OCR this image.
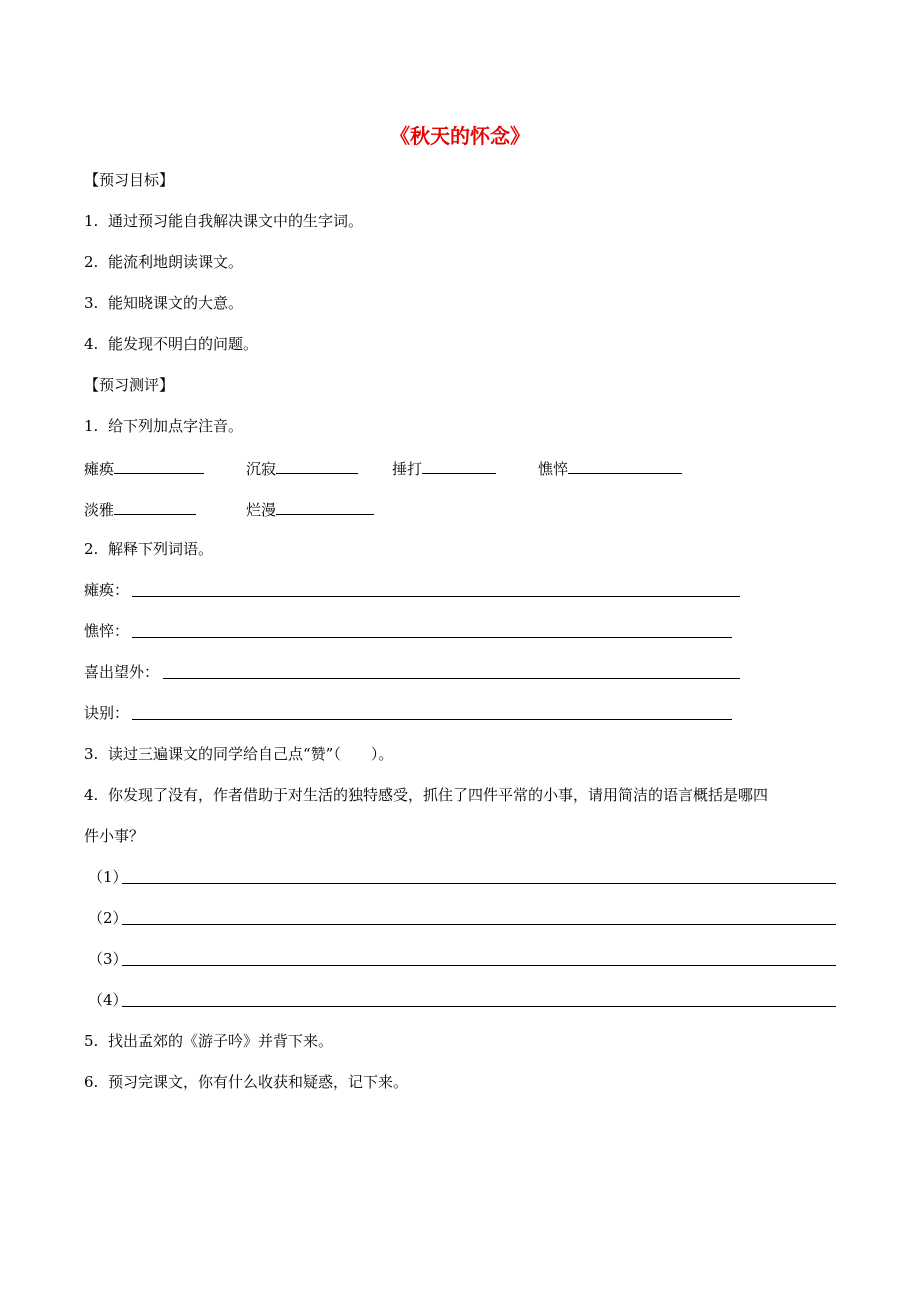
《秋天的怀念》
【预习目标】
1. 通过预习能自我解决课文中的生字词。
2. 能流利地朗读课文。
3. 能知晓课文的大意。
4. 能发现不明白的问题。
【预习测评】
1. 给下列加点字注音。
瘫痪	沉寂	捶打	憔悴
淡雅	烂漫
2. 解释下列词语。
瘫痪：
憔悴：
喜出望外：
诀别：
3. 读过三遍课文的同学给自己点“赞”（　　）。
4. 你发现了没有，作者借助于对生活的独特感受，抓住了四件平常的小事，请用简洁的语言概括是哪四
件小事？
（1）
（2）
（3）
（4）
5. 找出孟郊的《游子吟》并背下来。
6. 预习完课文，你有什么收获和疑惑，记下来。
